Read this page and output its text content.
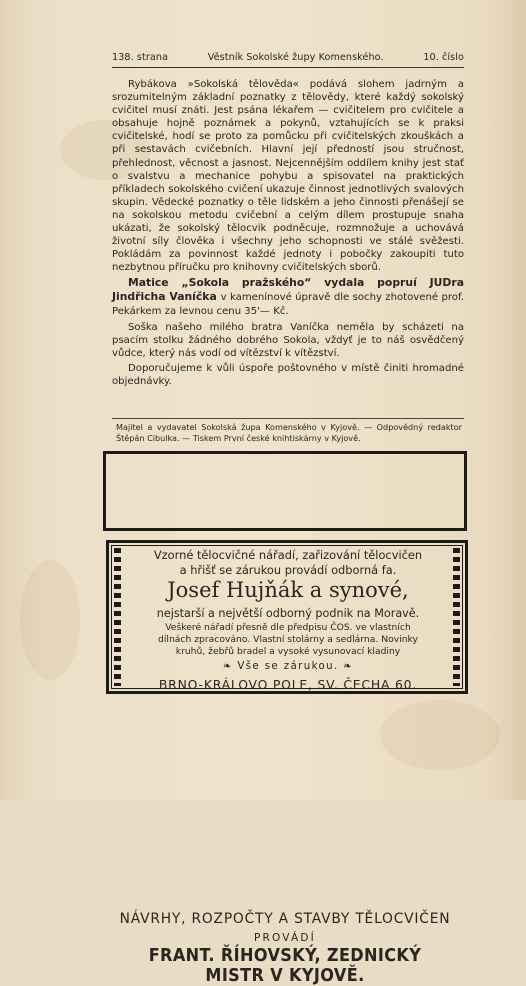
138. strana	Věstník Sokolské župy Komenského.	10. číslo

Rybákova »Sokolská tělověda« podává slohem jadrným a srozumitelným základní poznatky z tělovědy, které každý sokolský cvičitel musí znáti. Jest psána lékařem — cvičitelem pro cvičitele a obsahuje hojně poznámek a pokynů, vztahujících se k praksi cvičitelské, hodí se proto za pomůcku při cvičitelských zkouškách a při sestavách cvičebních. Hlavní její předností jsou stručnost, přehlednost, věcnost a jasnost. Nejcennějším oddílem knihy jest stať o svalstvu a mechanice pohybu a spisovatel na praktických příkladech sokolského cvičení ukazuje činnost jednotlivých svalových skupin. Vědecké poznatky o těle lidském a jeho činnosti přenášejí se na sokolskou metodu cvičební a celým dílem prostupuje snaha ukázati, že sokolský tělocvik podněcuje, rozmnožuje a uchovává životní síly člověka i všechny jeho schopnosti ve stálé svěžesti. Pokládám za povinnost každé jednoty i pobočky zakoupiti tuto nezbytnou příručku pro knihovny cvičitelských sborů.

Matice „Sokola pražského“ vydala popruí JUDra Jindřicha Vaníčka v kamenínové úpravě dle sochy zhotovené prof. Pekárkem za levnou cenu 35'— Kč.

Soška našeho milého bratra Vaníčka neměla by scházeti na psacím stolku žádného dobrého Sokola, vždyť je to náš osvědčený vůdce, který nás vodí od vítězství k vítězství.

Doporučujeme k vůli úspoře poštovného v místě činiti hromadné objednávky.

Majitel a vydavatel Sokolská župa Komenského v Kyjově. — Odpovědný redaktor Štěpán Cibulka. — Tiskem První české knihtiskárny v Kyjově.
NÁVRHY, ROZPOČTY A STAVBY TĚLOCVIČEN
PROVÁDÍ
FRANT. ŘÍHOVSKÝ, ZEDNICKÝ MISTR V KYJOVĚ.
Vzorné tělocvičné nářadí, zařizování tělocvičen
a hřišť se zárukou provádí odborná fa.
Josef Hujňák a synové,
nejstarší a největší odborný podnik na Moravě.
Veškeré nářadí přesně dle předpisu ČOS. ve vlastních
dílnách zpracováno. Vlastní stolárny a sedlárna. Novinky
kruhů, žebřů bradel a vysoké vysunovací kladiny
❧ Vše se zárukou. ❧
BRNO-KRÁLOVO POLE, SV. ČECHA 60.
